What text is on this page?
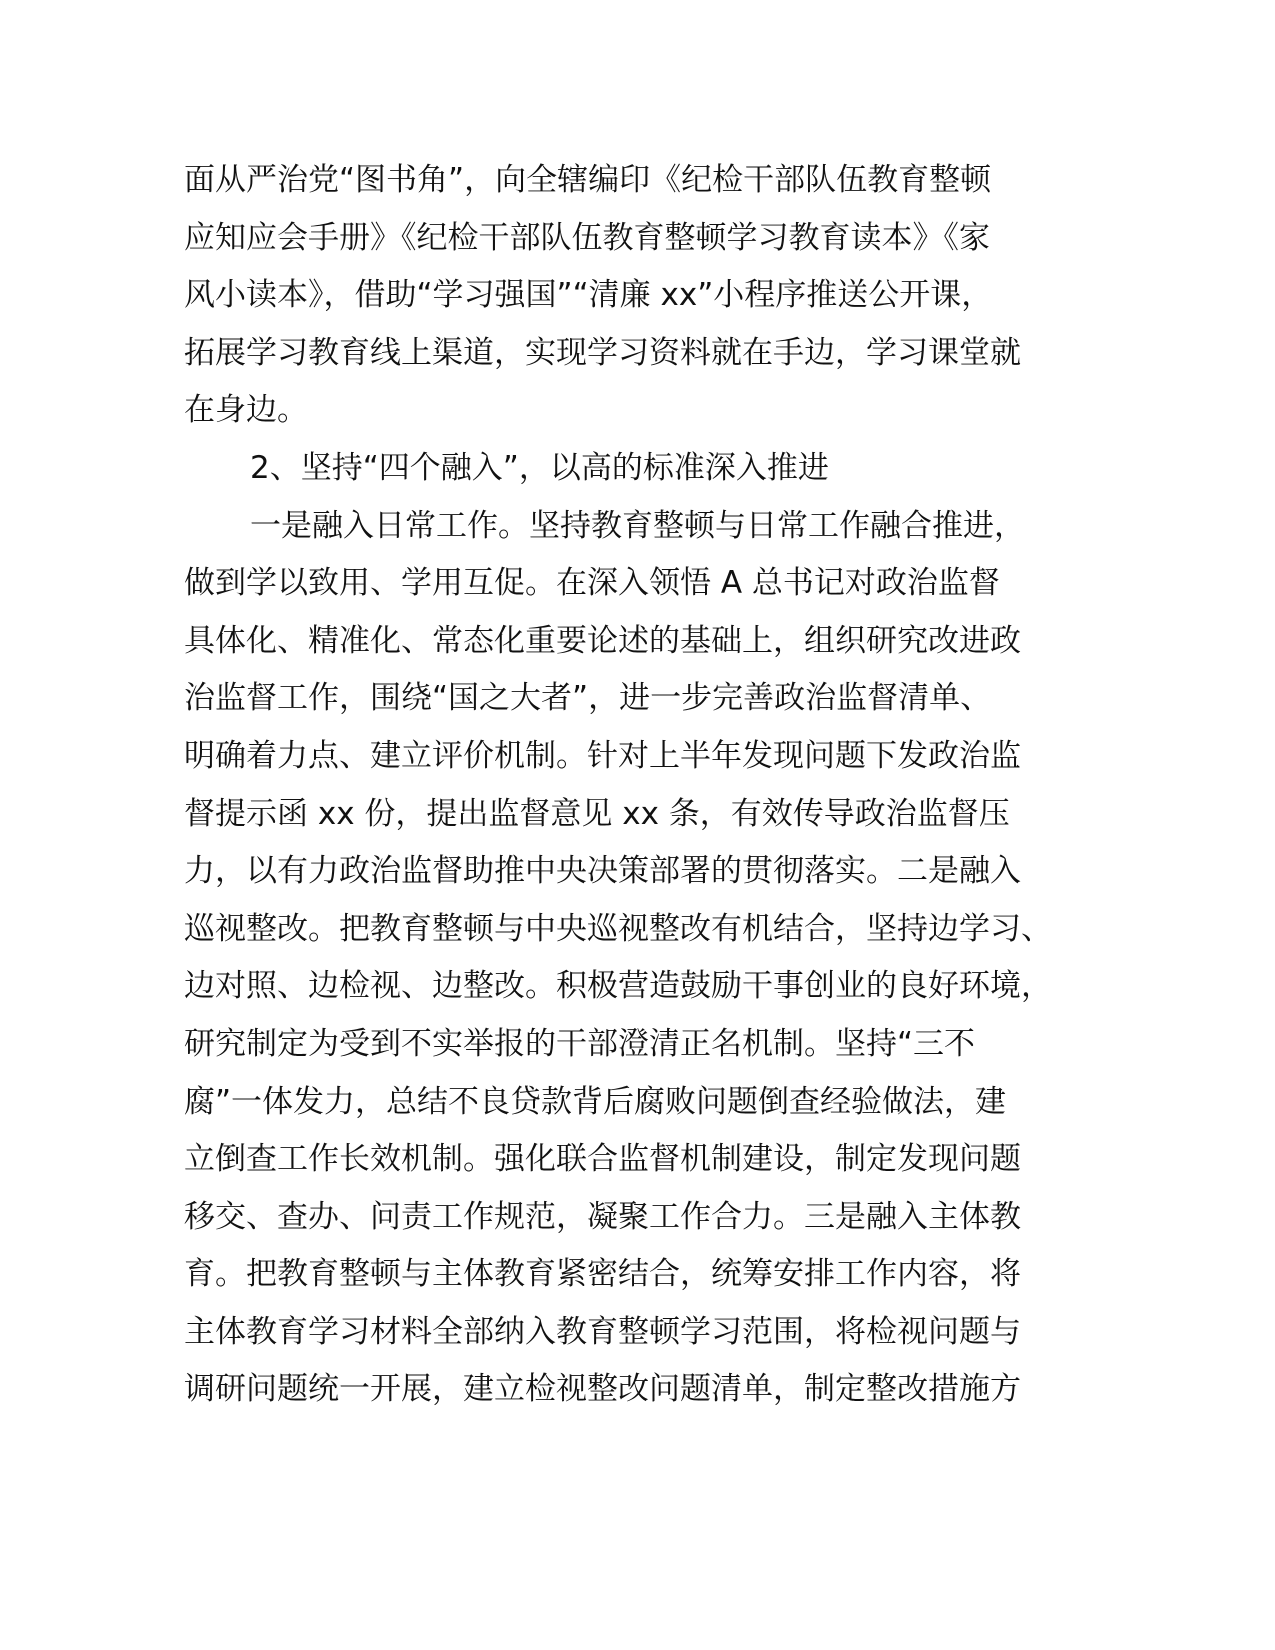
面从严治党“图书角”，向全辖编印《纪检干部队伍教育整顿
应知应会手册》《纪检干部队伍教育整顿学习教育读本》《家
风小读本》，借助“学习强国”“清廉 xx”小程序推送公开课，
拓展学习教育线上渠道，实现学习资料就在手边，学习课堂就
在身边。
2、坚持“四个融入”，以高的标准深入推进
一是融入日常工作。坚持教育整顿与日常工作融合推进，
做到学以致用、学用互促。在深入领悟 A 总书记对政治监督
具体化、精准化、常态化重要论述的基础上，组织研究改进政
治监督工作，围绕“国之大者”，进一步完善政治监督清单、
明确着力点、建立评价机制。针对上半年发现问题下发政治监
督提示函 xx 份，提出监督意见 xx 条，有效传导政治监督压
力，以有力政治监督助推中央决策部署的贯彻落实。二是融入
巡视整改。把教育整顿与中央巡视整改有机结合，坚持边学习、
边对照、边检视、边整改。积极营造鼓励干事创业的良好环境，
研究制定为受到不实举报的干部澄清正名机制。坚持“三不
腐”一体发力，总结不良贷款背后腐败问题倒查经验做法，建
立倒查工作长效机制。强化联合监督机制建设，制定发现问题
移交、查办、问责工作规范，凝聚工作合力。三是融入主体教
育。把教育整顿与主体教育紧密结合，统筹安排工作内容，将
主体教育学习材料全部纳入教育整顿学习范围，将检视问题与
调研问题统一开展，建立检视整改问题清单，制定整改措施方
